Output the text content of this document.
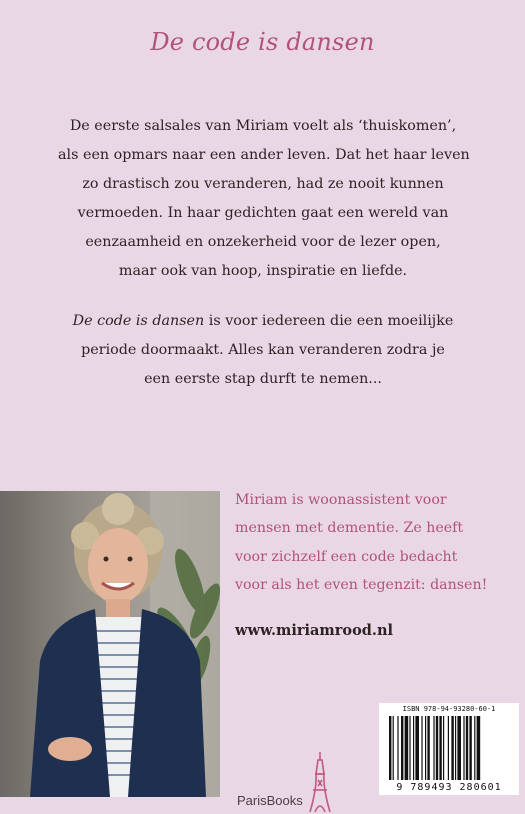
De code is dansen

De eerste salsales van Miriam voelt als ‘thuiskomen’,
als een opmars naar een ander leven. Dat het haar leven
zo drastisch zou veranderen, had ze nooit kunnen
vermoeden. In haar gedichten gaat een wereld van
eenzaamheid en onzekerheid voor de lezer open,
maar ook van hoop, inspiratie en liefde.

De code is dansen is voor iedereen die een moeilijke
periode doormaakt. Alles kan veranderen zodra je
een eerste stap durft te nemen...

Miriam is woonassistent voor
mensen met dementie. Ze heeft
voor zichzelf een code bedacht
voor als het even tegenzit: dansen!
www.miriamrood.nl
ParisBooks
ISBN 978-94-93280-60-1
9 789493 280601
